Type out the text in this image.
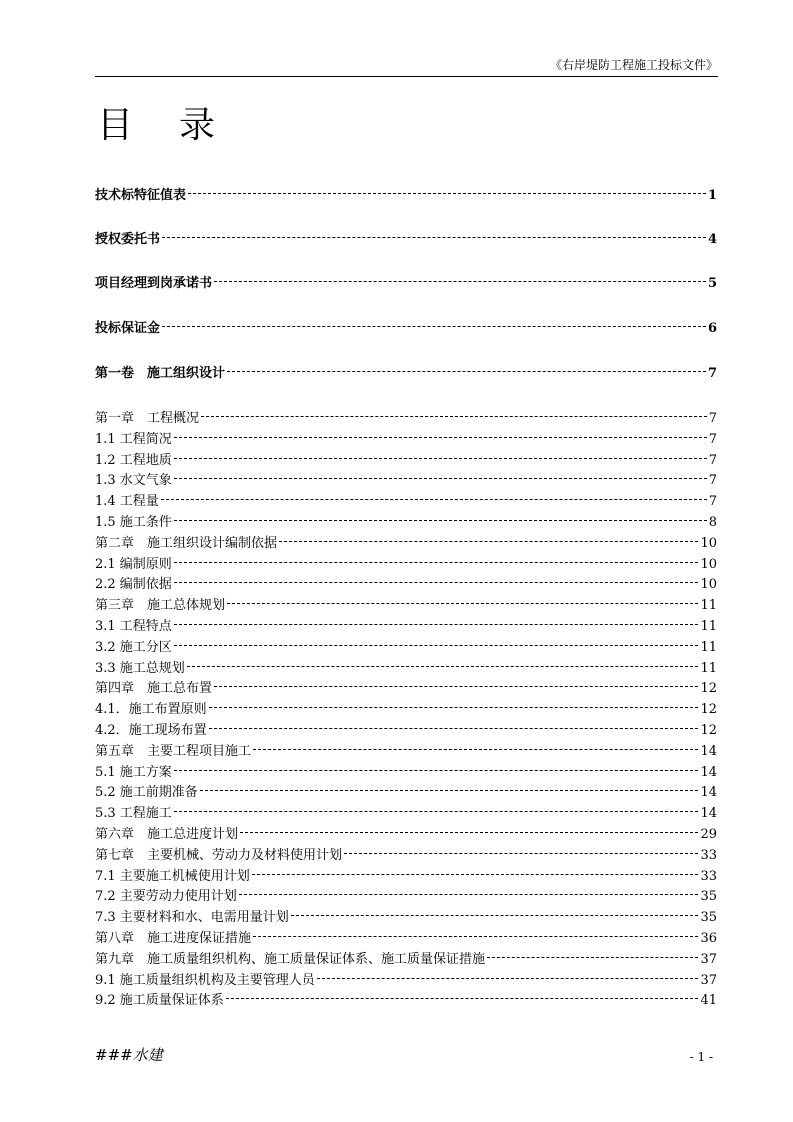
《右岸堤防工程施工投标文件》
目录
技术标特征值表	1
授权委托书	4
项目经理到岗承诺书	5
投标保证金	6
第一卷　施工组织设计	7
第一章　工程概况	7
1.1 工程简况	7
1.2 工程地质	7
1.3 水文气象	7
1.4 工程量	7
1.5 施工条件	8
第二章　施工组织设计编制依据	10
2.1 编制原则	10
2.2 编制依据	10
第三章　施工总体规划	11
3.1 工程特点	11
3.2 施工分区	11
3.3 施工总规划	11
第四章　施工总布置	12
4.1．施工布置原则	12
4.2．施工现场布置	12
第五章　主要工程项目施工	14
5.1 施工方案	14
5.2 施工前期准备	14
5.3 工程施工	14
第六章　施工总进度计划	29
第七章　主要机械、劳动力及材料使用计划	33
7.1 主要施工机械使用计划	33
7.2 主要劳动力使用计划	35
7.3 主要材料和水、电需用量计划	35
第八章　施工进度保证措施	36
第九章　施工质量组织机构、施工质量保证体系、施工质量保证措施	37
9.1 施工质量组织机构及主要管理人员	37
9.2 施工质量保证体系	41
###水建	- 1 -
